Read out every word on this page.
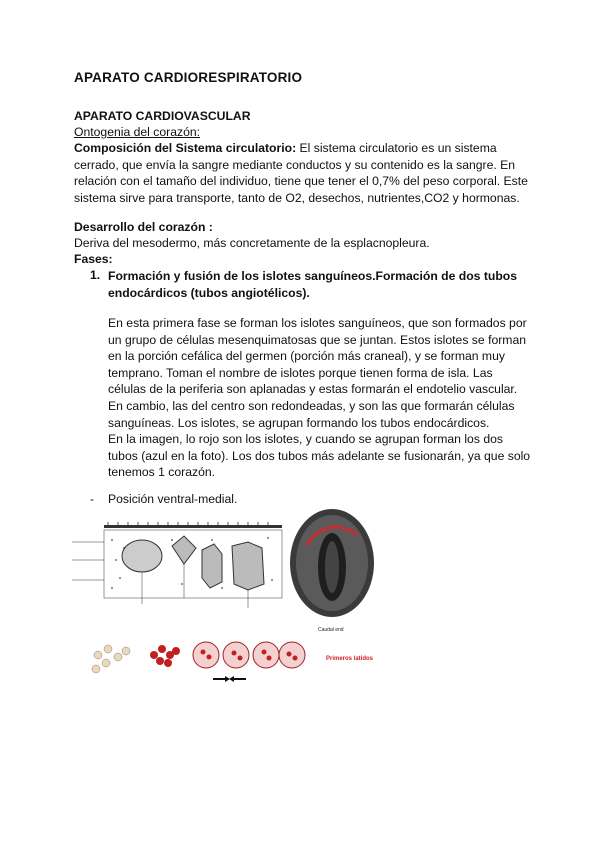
APARATO CARDIORESPIRATORIO
APARATO CARDIOVASCULAR
Ontogenia del corazón:
Composición del Sistema circulatorio: El sistema circulatorio es un sistema cerrado, que envía la sangre mediante conductos y su contenido es la sangre. En relación con el tamaño del individuo, tiene que tener el 0,7% del peso corporal. Este sistema sirve para transporte, tanto de O2, desechos, nutrientes,CO2 y hormonas.
Desarrollo del corazón :
Deriva del mesodermo, más concretamente de la esplacnopleura.
Fases:
1. Formación y fusión de los islotes sanguíneos.Formación de dos tubos endocárdicos (tubos angiotélicos).
En esta primera fase se forman los islotes sanguíneos, que son formados por un grupo de células mesenquimatosas que se juntan. Estos islotes se forman en la porción cefálica del germen (porción más craneal), y se forman muy temprano. Toman el nombre de islotes porque tienen forma de isla. Las células de la periferia son aplanadas y estas formarán el endotelio vascular. En cambio, las del centro son redondeadas, y son las que formarán células sanguíneas. Los islotes, se agrupan formando los tubos endocárdicos.
En la imagen, lo rojo son los islotes, y cuando se agrupan forman los dos tubos (azul en la foto). Los dos tubos más adelante se fusionarán, ya que solo tenemos 1 corazón.
- Posición ventral-medial.
Caudal end
Primeros latidos
